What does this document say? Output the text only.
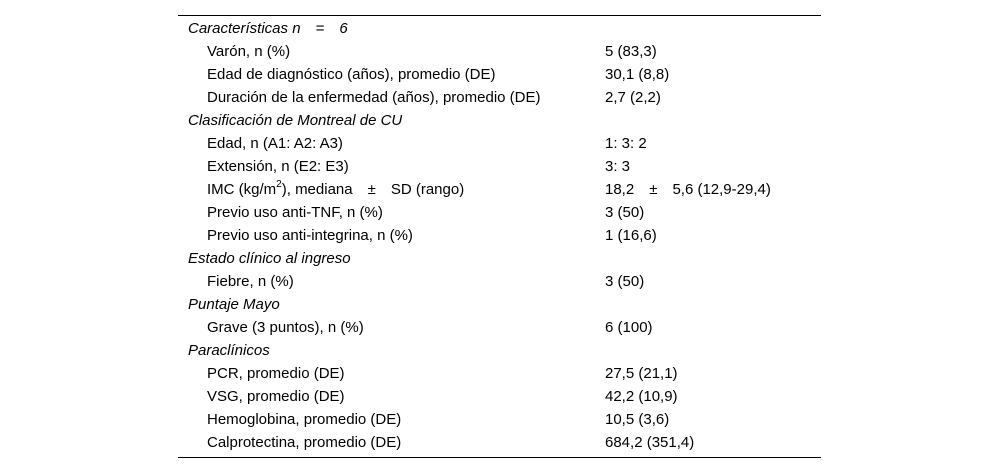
Características n = 6
Varón, n (%)	5 (83,3)
Edad de diagnóstico (años), promedio (DE)	30,1 (8,8)
Duración de la enfermedad (años), promedio (DE)	2,7 (2,2)
Clasificación de Montreal de CU
Edad, n (A1: A2: A3)	1: 3: 2
Extensión, n (E2: E3)	3: 3
IMC $(kg/m^2)$, mediana ± SD (rango)	18,2 ± 5,6 (12,9-29,4)
Previo uso anti-TNF, n (%)	3 (50)
Previo uso anti-integrina, n (%)	1 (16,6)
Estado clínico al ingreso
Fiebre, n (%)	3 (50)
Puntaje Mayo
Grave (3 puntos), n (%)	6 (100)
Paraclínicos
PCR, promedio (DE)	27,5 (21,1)
VSG, promedio (DE)	42,2 (10,9)
Hemoglobina, promedio (DE)	10,5 (3,6)
Calprotectina, promedio (DE)	684,2 (351,4)
